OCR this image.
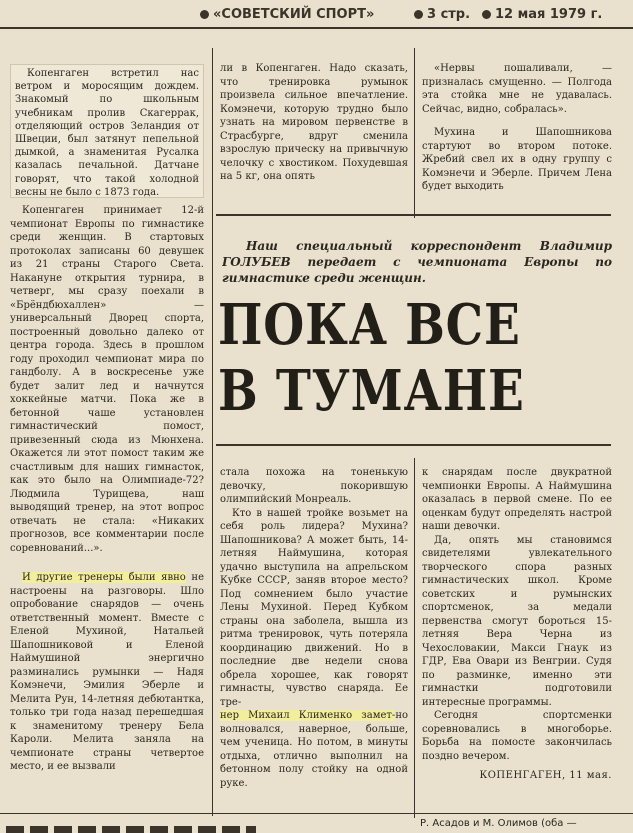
«СОВЕТСКИЙ СПОРТ»	3 стр.	12 мая 1979 г.

Копенгаген встретил нас ветром и моросящим дождем. Знакомый по школьным учебникам пролив Скагеррак, отделяющий остров Зеландия от Швеции, был затянут пепельной дымкой, а знаменитая Русалка казалась печальной. Датчане говорят, что такой холодной весны не было с 1873 года.

Копенгаген принимает 12-й чемпионат Европы по гимнастике среди женщин. В стартовых протоколах записаны 60 девушек из 21 страны Старого Света. Накануне открытия турнира, в четверг, мы сразу поехали в «Брёндбюхаллен» — универсальный Дворец спорта, построенный довольно далеко от центра города. Здесь в прошлом году проходил чемпионат мира по гандболу. А в воскресенье уже будет залит лед и начнутся хоккейные матчи. Пока же в бетонной чаше установлен гимнастический помост, привезенный сюда из Мюнхена. Окажется ли этот помост таким же счастливым для наших гимнасток, как это было на Олимпиаде-72? Людмила Турищева, наш выводящий тренер, на этот вопрос отвечать не стала: «Никаких прогнозов, все комментарии после соревнований...».

И другие тренеры были явно не настроены на разговоры. Шло опробование снарядов — очень ответственный момент. Вместе с Еленой Мухиной, Натальей Шапошниковой и Еленой Наймушиной энергично разминались румынки — Надя Комэнечи, Эмилия Эберле и Мелита Рун, 14-летняя дебютантка, только три года назад перешедшая к знаменитому тренеру Бела Кароли. Мелита заняла на чемпионате страны четвертое место, и ее вызвали

ли в Копенгаген. Надо сказать, что тренировка румынок произвела сильное впечатление. Комэнечи, которую трудно было узнать на мировом первенстве в Страсбурге, вдруг сменила взрослую прическу на привычную челочку с хвостиком. Похудевшая на 5 кг, она опять

«Нервы пошаливали, — призналась смущенно. — Полгода эта стойка мне не удавалась. Сейчас, видно, собралась».

Мухина и Шапошникова стартуют во втором потоке. Жребий свел их в одну группу с Комэнечи и Эберле. Причем Лена будет выходить

Наш специальный корреспондент Владимир ГОЛУБЕВ передает с чемпионата Европы по гимнастике среди женщин.

ПОКА ВСЕ
В ТУМАНЕ

стала похожа на тоненькую девочку, покорившую олимпийский Монреаль.

Кто в нашей тройке возьмет на себя роль лидера? Мухина? Шапошникова? А может быть, 14-летняя Наймушина, которая удачно выступила на апрельском Кубке СССР, заняв второе место? Под сомнением было участие Лены Мухиной. Перед Кубком страны она заболела, вышла из ритма тренировок, чуть потеряла координацию движений. Но в последние две недели снова обрела хорошее, как говорят гимнасты, чувство снаряда. Ее тре-

нер Михаил Клименко замет-но волновался, наверное, больше, чем ученица. Но потом, в минуты отдыха, отлично выполнил на бетонном полу стойку на одной руке.

к снарядам после двукратной чемпионки Европы. А Наймушина оказалась в первой смене. По ее оценкам будут определять настрой наши девочки.

Да, опять мы становимся свидетелями увлекательного творческого спора разных гимнастических школ. Кроме советских и румынских спортсменок, за медали первенства смогут бороться 15-летняя Вера Черна из Чехословакии, Макси Гнаук из ГДР, Ева Овари из Венгрии. Судя по разминке, именно эти гимнастки подготовили интересные программы.

Сегодня спортсменки соревновались в многоборье. Борьба на помосте закончилась поздно вечером.

КОПЕНГАГЕН, 11 мая.

Р. Асадов и М. Олимов (оба —
